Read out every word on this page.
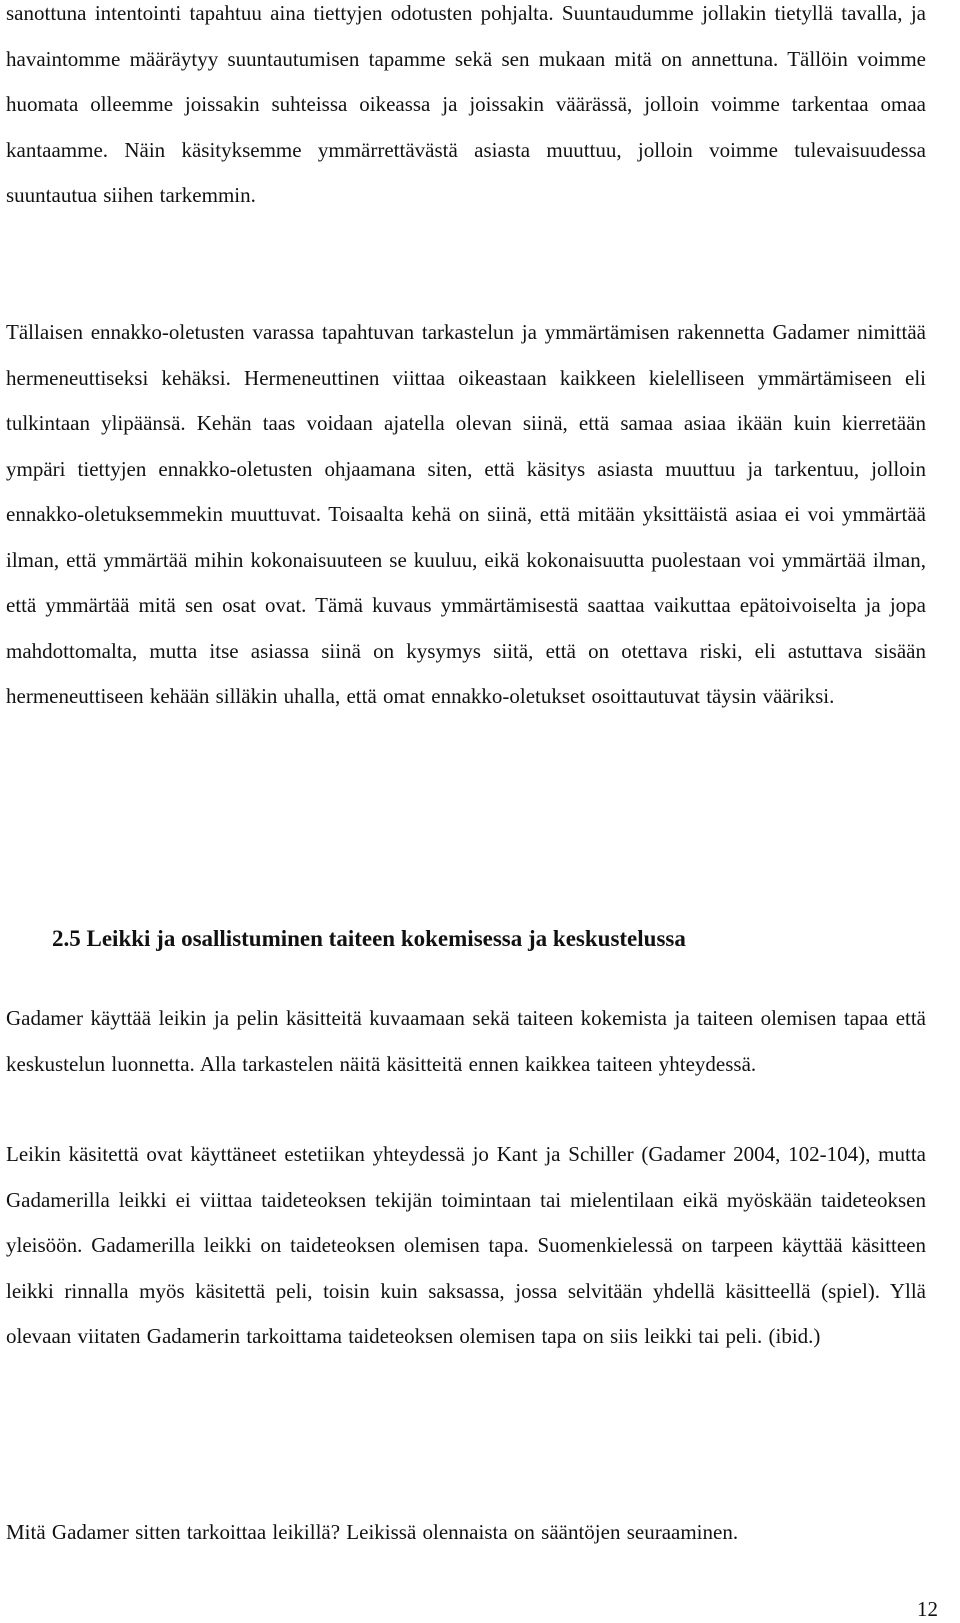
sanottuna intentointi tapahtuu aina tiettyjen odotusten pohjalta. Suuntaudumme jollakin tietyllä tavalla, ja havaintomme määräytyy suuntautumisen tapamme sekä sen mukaan mitä on annettuna. Tällöin voimme huomata olleemme joissakin suhteissa oikeassa ja joissakin väärässä, jolloin voimme tarkentaa omaa kantaamme. Näin käsityksemme ymmärrettävästä asiasta muuttuu, jolloin voimme tulevaisuudessa suuntautua siihen tarkemmin.

Tällaisen ennakko-oletusten varassa tapahtuvan tarkastelun ja ymmärtämisen rakennetta Gadamer nimittää hermeneuttiseksi kehäksi. Hermeneuttinen viittaa oikeastaan kaikkeen kielelliseen ymmärtämiseen eli tulkintaan ylipäänsä. Kehän taas voidaan ajatella olevan siinä, että samaa asiaa ikään kuin kierretään ympäri tiettyjen ennakko-oletusten ohjaamana siten, että käsitys asiasta muuttuu ja tarkentuu, jolloin ennakko-oletuksemmekin muuttuvat. Toisaalta kehä on siinä, että mitään yksittäistä asiaa ei voi ymmärtää ilman, että ymmärtää mihin kokonaisuuteen se kuuluu, eikä kokonaisuutta puolestaan voi ymmärtää ilman, että ymmärtää mitä sen osat ovat. Tämä kuvaus ymmärtämisestä saattaa vaikuttaa epätoivoiselta ja jopa mahdottomalta, mutta itse asiassa siinä on kysymys siitä, että on otettava riski, eli astuttava sisään hermeneuttiseen kehään silläkin uhalla, että omat ennakko-oletukset osoittautuvat täysin vääriksi.

2.5 Leikki ja osallistuminen taiteen kokemisessa ja keskustelussa

Gadamer käyttää leikin ja pelin käsitteitä kuvaamaan sekä taiteen kokemista ja taiteen olemisen tapaa että keskustelun luonnetta. Alla tarkastelen näitä käsitteitä ennen kaikkea taiteen yhteydessä.

Leikin käsitettä ovat käyttäneet estetiikan yhteydessä jo Kant ja Schiller (Gadamer 2004, 102-104), mutta Gadamerilla leikki ei viittaa taideteoksen tekijän toimintaan tai mielentilaan eikä myöskään taideteoksen yleisöön. Gadamerilla leikki on taideteoksen olemisen tapa. Suomenkielessä on tarpeen käyttää käsitteen leikki rinnalla myös käsitettä peli, toisin kuin saksassa, jossa selvitään yhdellä käsitteellä (spiel). Yllä olevaan viitaten Gadamerin tarkoittama taideteoksen olemisen tapa on siis leikki tai peli. (ibid.)

Mitä Gadamer sitten tarkoittaa leikillä? Leikissä olennaista on sääntöjen seuraaminen.

12
